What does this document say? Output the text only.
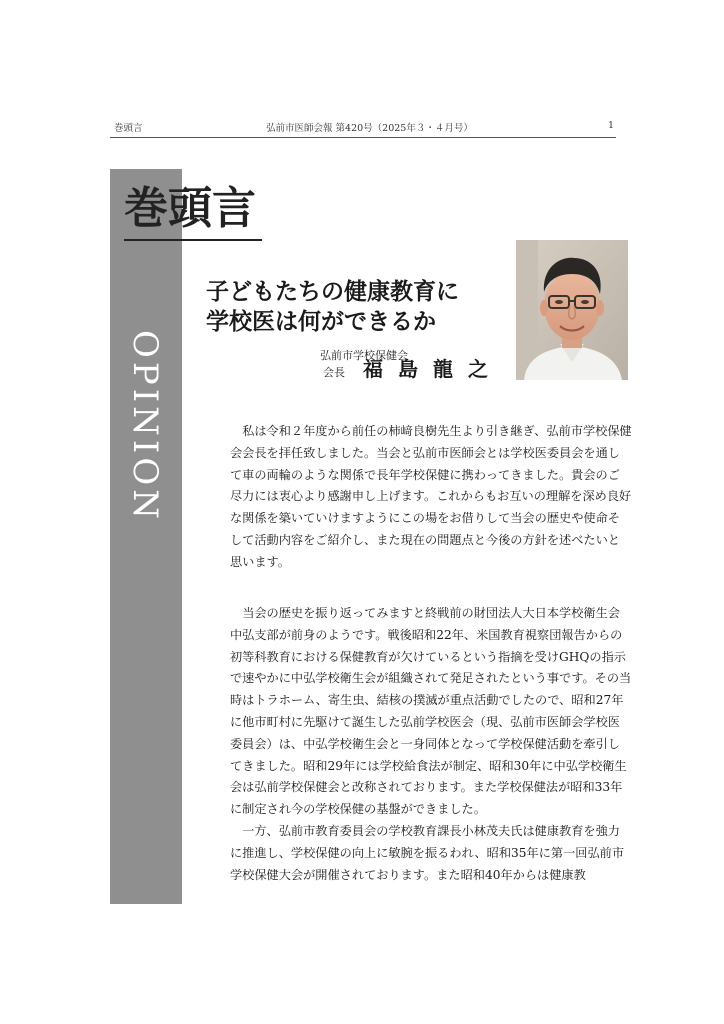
巻頭言	弘前市医師会報 第420号（2025年３・４月号）	1
OPINION
巻頭言
子どもたちの健康教育に
学校医は何ができるか
弘前市学校保健会
会長 福 島 龍 之

私は令和２年度から前任の柿﨑良樹先生より引き継ぎ、弘前市学校保健会会長を拝任致しました。当会と弘前市医師会とは学校医委員会を通して車の両輪のような関係で長年学校保健に携わってきました。貴会のご尽力には衷心より感謝申し上げます。これからもお互いの理解を深め良好な関係を築いていけますようにこの場をお借りして当会の歴史や使命そして活動内容をご紹介し、また現在の問題点と今後の方針を述べたいと思います。

当会の歴史を振り返ってみますと終戦前の財団法人大日本学校衛生会中弘支部が前身のようです。戦後昭和22年、米国教育視察団報告からの初等科教育における保健教育が欠けているという指摘を受けGHQの指示で速やかに中弘学校衛生会が組織されて発足されたという事です。その当時はトラホーム、寄生虫、結核の撲滅が重点活動でしたので、昭和27年に他市町村に先駆けて誕生した弘前学校医会（現、弘前市医師会学校医委員会）は、中弘学校衛生会と一身同体となって学校保健活動を牽引してきました。昭和29年には学校給食法が制定、昭和30年に中弘学校衛生会は弘前学校保健会と改称されております。また学校保健法が昭和33年に制定され今の学校保健の基盤ができました。

一方、弘前市教育委員会の学校教育課長小林茂夫氏は健康教育を強力に推進し、学校保健の向上に敏腕を振るわれ、昭和35年に第一回弘前市学校保健大会が開催されております。また昭和40年からは健康教
